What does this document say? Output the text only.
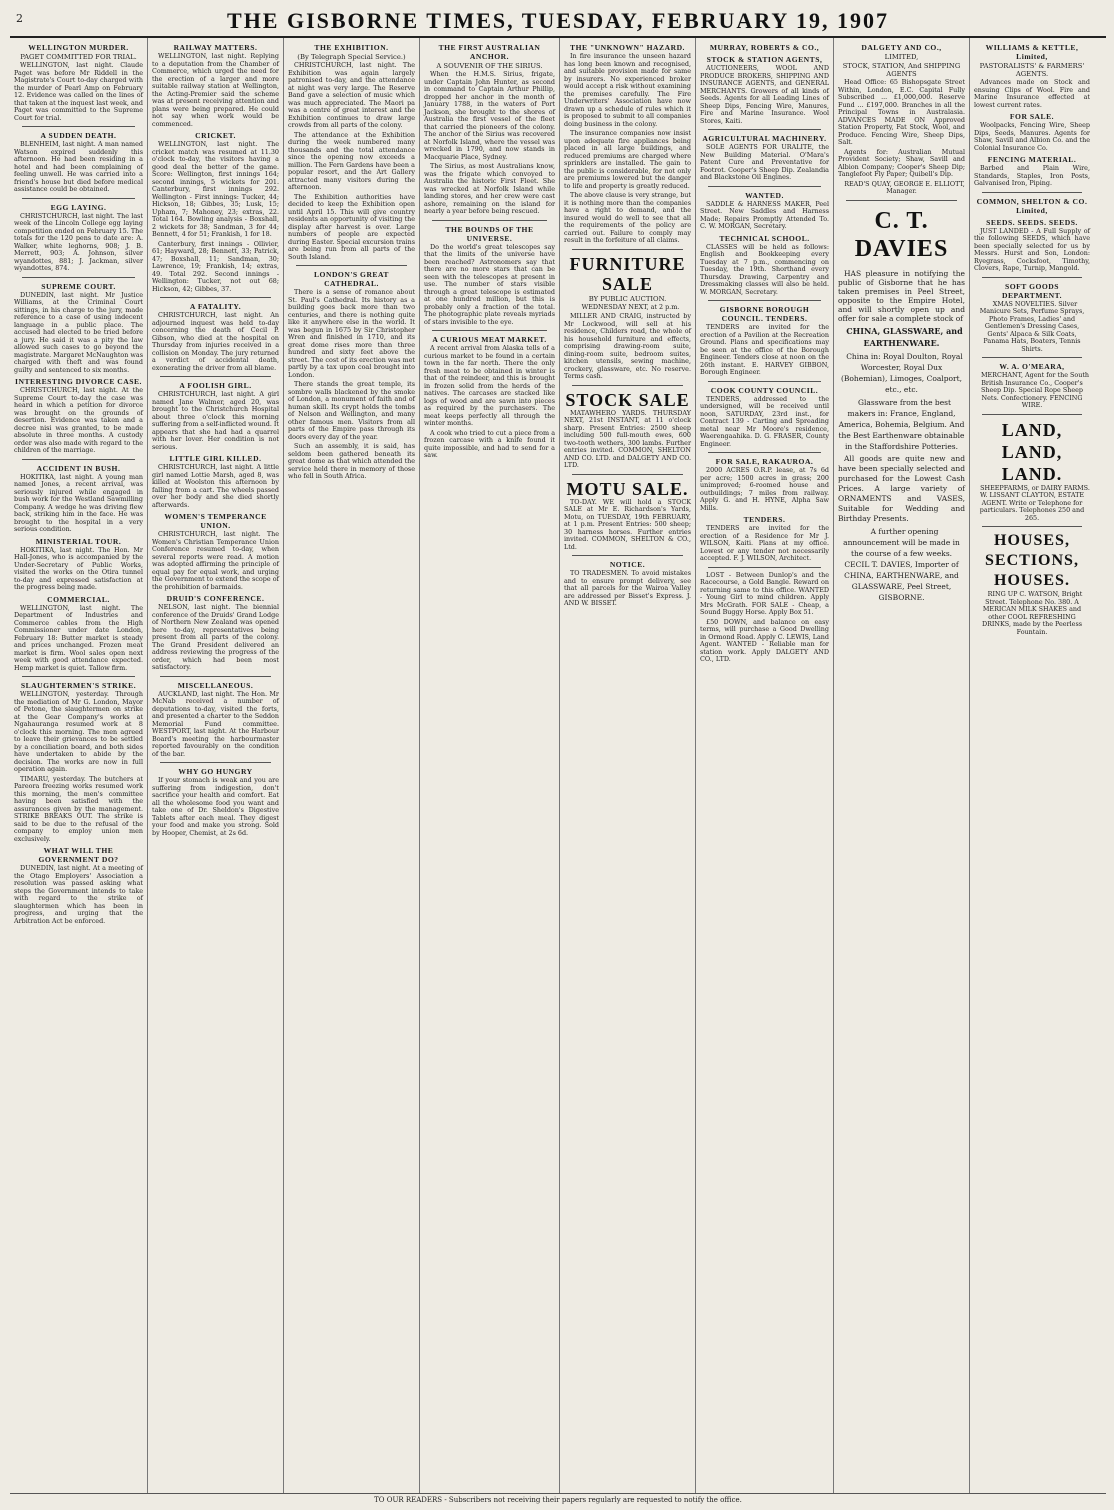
2	THE GISBORNE TIMES, TUESDAY, FEBRUARY 19, 1907
WELLINGTON MURDER.
PAGET COMMITTED FOR TRIAL.

WELLINGTON, last night. Claude Paget was before Mr Riddell in the Magistrate's Court to-day charged with the murder of Pearl Amp on February 12. Evidence was called on the lines of that taken at the inquest last week, and Paget was committed to the Supreme Court for trial.

A SUDDEN DEATH.

BLENHEIM, last night. A man named Watson expired suddenly this afternoon. He had been residing in a hotel and had been complaining of feeling unwell. He was carried into a friend's house but died before medical assistance could be obtained.

EGG LAYING.

CHRISTCHURCH, last night. The last week of the Lincoln College egg laying competition ended on February 15. The totals for the 120 pens to date are: A. Walker, white leghorns, 908; J. B. Merrett, 903; A. Johnson, silver wyandottes, 881; J. Jackman, silver wyandottes, 874.

SUPREME COURT.

DUNEDIN, last night. Mr Justice Williams, at the Criminal Court sittings, in his charge to the jury, made reference to a case of using indecent language in a public place. The accused had elected to be tried before a jury. He said it was a pity the law allowed such cases to go beyond the magistrate. Margaret McNaughton was charged with theft and was found guilty and sentenced to six months.

INTERESTING DIVORCE CASE.

CHRISTCHURCH, last night. At the Supreme Court to-day the case was heard in which a petition for divorce was brought on the grounds of desertion. Evidence was taken and a decree nisi was granted, to be made absolute in three months. A custody order was also made with regard to the children of the marriage.

ACCIDENT IN BUSH.

HOKITIKA, last night. A young man named Jones, a recent arrival, was seriously injured while engaged in bush work for the Westland Sawmilling Company. A wedge he was driving flew back, striking him in the face. He was brought to the hospital in a very serious condition.

MINISTERIAL TOUR.

HOKITIKA, last night. The Hon. Mr Hall-Jones, who is accompanied by the Under-Secretary of Public Works, visited the works on the Otira tunnel to-day and expressed satisfaction at the progress being made.

COMMERCIAL.

WELLINGTON, last night. The Department of Industries and Commerce cables from the High Commissioner under date London, February 18: Butter market is steady and prices unchanged. Frozen meat market is firm. Wool sales open next week with good attendance expected. Hemp market is quiet. Tallow firm.

SLAUGHTERMEN'S STRIKE.

WELLINGTON, yesterday. Through the mediation of Mr G. London, Mayor of Petone, the slaughtermen on strike at the Gear Company's works at Ngahauranga resumed work at 8 o'clock this morning. The men agreed to leave their grievances to be settled by a conciliation board, and both sides have undertaken to abide by the decision. The works are now in full operation again.

TIMARU, yesterday. The butchers at Pareora freezing works resumed work this morning, the men's committee having been satisfied with the assurances given by the management. STRIKE BREAKS OUT. The strike is said to be due to the refusal of the company to employ union men exclusively.

WHAT WILL THE GOVERNMENT DO?

DUNEDIN, last night. At a meeting of the Otago Employers' Association a resolution was passed asking what steps the Government intends to take with regard to the strike of slaughtermen which has been in progress, and urging that the Arbitration Act be enforced.

RAILWAY MATTERS.

WELLINGTON, last night. Replying to a deputation from the Chamber of Commerce, which urged the need for the erection of a larger and more suitable railway station at Wellington, the Acting-Premier said the scheme was at present receiving attention and plans were being prepared. He could not say when work would be commenced.

CRICKET.

WELLINGTON, last night. The cricket match was resumed at 11.30 o'clock to-day, the visitors having a good deal the better of the game. Score: Wellington, first innings 164; second innings, 5 wickets for 201. Canterbury, first innings 292. Wellington - First innings: Tucker, 44; Hickson, 18; Gibbes, 35; Lusk, 15; Upham, 7; Mahoney, 23; extras, 22. Total 164. Bowling analysis - Boxshall, 2 wickets for 38; Sandman, 3 for 44; Bennett, 4 for 51; Frankish, 1 for 18.

Canterbury, first innings - Ollivier, 61; Hayward, 28; Bennett, 33; Patrick, 47; Boxshall, 11; Sandman, 30; Lawrence, 19; Frankish, 14; extras, 49. Total 292. Second innings - Wellington: Tucker, not out 68; Hickson, 42; Gibbes, 37.

A FATALITY.

CHRISTCHURCH, last night. An adjourned inquest was held to-day concerning the death of Cecil P. Gibson, who died at the hospital on Thursday from injuries received in a collision on Monday. The jury returned a verdict of accidental death, exonerating the driver from all blame.

A FOOLISH GIRL.

CHRISTCHURCH, last night. A girl named Jane Walmer, aged 20, was brought to the Christchurch Hospital about three o'clock this morning suffering from a self-inflicted wound. It appears that she had had a quarrel with her lover. Her condition is not serious.

LITTLE GIRL KILLED.

CHRISTCHURCH, last night. A little girl named Lottie Marsh, aged 8, was killed at Woolston this afternoon by falling from a cart. The wheels passed over her body and she died shortly afterwards.

WOMEN'S TEMPERANCE UNION.

CHRISTCHURCH, last night. The Women's Christian Temperance Union Conference resumed to-day, when several reports were read. A motion was adopted affirming the principle of equal pay for equal work, and urging the Government to extend the scope of the prohibition of barmaids.

DRUID'S CONFERENCE.

NELSON, last night. The biennial conference of the Druids' Grand Lodge of Northern New Zealand was opened here to-day, representatives being present from all parts of the colony. The Grand President delivered an address reviewing the progress of the order, which had been most satisfactory.

MISCELLANEOUS.

AUCKLAND, last night. The Hon. Mr McNab received a number of deputations to-day, visited the forts, and presented a charter to the Seddon Memorial Fund committee. WESTPORT, last night. At the Harbour Board's meeting the harbourmaster reported favourably on the condition of the bar.

WHY GO HUNGRY

If your stomach is weak and you are suffering from indigestion, don't sacrifice your health and comfort. Eat all the wholesome food you want and take one of Dr. Sheldon's Digestive Tablets after each meal. They digest your food and make you strong. Sold by Hooper, Chemist, at 2s 6d.

THE EXHIBITION.
(By Telegraph Special Service.)

CHRISTCHURCH, last night. The Exhibition was again largely patronised to-day, and the attendance at night was very large. The Reserve Band gave a selection of music which was much appreciated. The Maori pa was a centre of great interest and the Exhibition continues to draw large crowds from all parts of the colony.

The attendance at the Exhibition during the week numbered many thousands and the total attendance since the opening now exceeds a million. The Fern Gardens have been a popular resort, and the Art Gallery attracted many visitors during the afternoon.

The Exhibition authorities have decided to keep the Exhibition open until April 15. This will give country residents an opportunity of visiting the display after harvest is over. Large numbers of people are expected during Easter. Special excursion trains are being run from all parts of the South Island.

LONDON'S GREAT CATHEDRAL.

There is a sense of romance about St. Paul's Cathedral. Its history as a building goes back more than two centuries, and there is nothing quite like it anywhere else in the world. It was begun in 1675 by Sir Christopher Wren and finished in 1710, and its great dome rises more than three hundred and sixty feet above the street. The cost of its erection was met partly by a tax upon coal brought into London.

There stands the great temple, its sombre walls blackened by the smoke of London, a monument of faith and of human skill. Its crypt holds the tombs of Nelson and Wellington, and many other famous men. Visitors from all parts of the Empire pass through its doors every day of the year.

Such an assembly, it is said, has seldom been gathered beneath its great dome as that which attended the service held there in memory of those who fell in South Africa.

THE FIRST AUSTRALIAN ANCHOR.
A SOUVENIR OF THE SIRIUS.

When the H.M.S. Sirius, frigate, under Captain John Hunter, as second in command to Captain Arthur Phillip, dropped her anchor in the month of January 1788, in the waters of Port Jackson, she brought to the shores of Australia the first vessel of the fleet that carried the pioneers of the colony. The anchor of the Sirius was recovered at Norfolk Island, where the vessel was wrecked in 1790, and now stands in Macquarie Place, Sydney.

The Sirius, as most Australians know, was the frigate which convoyed to Australia the historic First Fleet. She was wrecked at Norfolk Island while landing stores, and her crew were cast ashore, remaining on the island for nearly a year before being rescued.

THE BOUNDS OF THE UNIVERSE.

Do the world's great telescopes say that the limits of the universe have been reached? Astronomers say that there are no more stars that can be seen with the telescopes at present in use. The number of stars visible through a great telescope is estimated at one hundred million, but this is probably only a fraction of the total. The photographic plate reveals myriads of stars invisible to the eye.

A CURIOUS MEAT MARKET.

A recent arrival from Alaska tells of a curious market to be found in a certain town in the far north. There the only fresh meat to be obtained in winter is that of the reindeer, and this is brought in frozen solid from the herds of the natives. The carcases are stacked like logs of wood and are sawn into pieces as required by the purchasers. The meat keeps perfectly all through the winter months.

A cook who tried to cut a piece from a frozen carcase with a knife found it quite impossible, and had to send for a saw.

THE "UNKNOWN" HAZARD.

In fire insurance the unseen hazard has long been known and recognised, and suitable provision made for same by insurers. No experienced broker would accept a risk without examining the premises carefully. The Fire Underwriters' Association have now drawn up a schedule of rules which it is proposed to submit to all companies doing business in the colony.

The insurance companies now insist upon adequate fire appliances being placed in all large buildings, and reduced premiums are charged where sprinklers are installed. The gain to the public is considerable, for not only are premiums lowered but the danger to life and property is greatly reduced.

The above clause is very strange, but it is nothing more than the companies have a right to demand, and the insured would do well to see that all the requirements of the policy are carried out. Failure to comply may result in the forfeiture of all claims.

FURNITURE SALE
BY PUBLIC AUCTION.

WEDNESDAY NEXT, at 2 p.m.

MILLER AND CRAIG, instructed by Mr Lockwood, will sell at his residence, Childers road, the whole of his household furniture and effects, comprising drawing-room suite, dining-room suite, bedroom suites, kitchen utensils, sewing machine, crockery, glassware, etc. No reserve. Terms cash.

STOCK SALE

MATAWHERO YARDS. THURSDAY NEXT, 21st INSTANT, at 11 o'clock sharp. Present Entries: 2500 sheep including 500 full-mouth ewes, 600 two-tooth wethers, 300 lambs. Further entries invited. COMMON, SHELTON AND CO. LTD. and DALGETY AND CO. LTD.

MOTU SALE.

TO-DAY. WE will hold a STOCK SALE at Mr E. Richardson's Yards, Motu, on TUESDAY, 19th FEBRUARY, at 1 p.m. Present Entries: 500 sheep; 30 harness horses. Further entries invited. COMMON, SHELTON & CO., Ltd.

NOTICE.

TO TRADESMEN. To avoid mistakes and to ensure prompt delivery, see that all parcels for the Wairoa Valley are addressed per Bisset's Express. J. AND W. BISSET.

MURRAY, ROBERTS & CO.,
STOCK & STATION AGENTS,

AUCTIONEERS, WOOL AND PRODUCE BROKERS, SHIPPING AND INSURANCE AGENTS, and GENERAL MERCHANTS. Growers of all kinds of Seeds. Agents for all Leading Lines of Sheep Dips, Fencing Wire, Manures, Fire and Marine Insurance. Wool Stores, Kaiti.

AGRICULTURAL MACHINERY.

SOLE AGENTS FOR URALITE, the New Building Material. O'Mara's Patent Cure and Preventative for Footrot. Cooper's Sheep Dip. Zealandia and Blackstone Oil Engines.

WANTED.

SADDLE & HARNESS MAKER, Peel Street. New Saddles and Harness Made; Repairs Promptly Attended To. C. W. MORGAN, Secretary.

TECHNICAL SCHOOL.

CLASSES will be held as follows: English and Bookkeeping every Tuesday at 7 p.m., commencing on Tuesday, the 19th. Shorthand every Thursday. Drawing, Carpentry and Dressmaking classes will also be held. W. MORGAN, Secretary.

GISBORNE BOROUGH COUNCIL. TENDERS.

TENDERS are invited for the erection of a Pavilion at the Recreation Ground. Plans and specifications may be seen at the office of the Borough Engineer. Tenders close at noon on the 26th instant. E. HARVEY GIBBON, Borough Engineer.

COOK COUNTY COUNCIL.

TENDERS, addressed to the undersigned, will be received until noon, SATURDAY, 23rd inst., for Contract 139 - Carting and Spreading metal near Mr Moore's residence, Waerengaahika. D. G. FRASER, County Engineer.

FOR SALE, RAKAUROA.

2000 ACRES O.R.P. lease, at 7s 6d per acre; 1500 acres in grass; 200 unimproved; 6-roomed house and outbuildings; 7 miles from railway. Apply G. and H. HYNE, Alpha Saw Mills.

TENDERS.

TENDERS are invited for the erection of a Residence for Mr J. WILSON, Kaiti. Plans at my office. Lowest or any tender not necessarily accepted. F. J. WILSON, Architect.

LOST - Between Dunlop's and the Racecourse, a Gold Bangle. Reward on returning same to this office. WANTED - Young Girl to mind children. Apply Mrs McGrath. FOR SALE - Cheap, a Sound Buggy Horse. Apply Box 51.

£50 DOWN, and balance on easy terms, will purchase a Good Dwelling in Ormond Road. Apply C. LEWIS, Land Agent. WANTED - Reliable man for station work. Apply DALGETY AND CO., LTD.

DALGETY AND CO.,
LIMITED,
STOCK, STATION, And SHIPPING AGENTS

Head Office: 65 Bishopsgate Street Within, London, E.C. Capital Fully Subscribed ... £1,000,000. Reserve Fund ... £197,000. Branches in all the Principal Towns in Australasia. ADVANCES MADE ON Approved Station Property, Fat Stock, Wool, and Produce. Fencing Wire, Sheep Dips, Salt.

Agents for: Australian Mutual Provident Society; Shaw, Savill and Albion Company; Cooper's Sheep Dip; Tanglefoot Fly Paper; Quibell's Dip.

READ'S QUAY, GEORGE E. ELLIOTT, Manager.

C. T. DAVIES

HAS pleasure in notifying the public of Gisborne that he has taken premises in Peel Street, opposite to the Empire Hotel, and will shortly open up and offer for sale a complete stock of

CHINA, GLASSWARE, and EARTHENWARE.

China in: Royal Doulton, Royal Worcester, Royal Dux (Bohemian), Limoges, Coalport, etc., etc.

Glassware from the best makers in: France, England, America, Bohemia, Belgium. And the Best Earthenware obtainable in the Staffordshire Potteries.

All goods are quite new and have been specially selected and purchased for the Lowest Cash Prices. A large variety of ORNAMENTS and VASES, Suitable for Wedding and Birthday Presents.

A further opening announcement will be made in the course of a few weeks. CECIL T. DAVIES, Importer of CHINA, EARTHENWARE, and GLASSWARE, Peel Street, GISBORNE.

WILLIAMS & KETTLE, Limited,
PASTORALISTS' & FARMERS' AGENTS.

Advances made on Stock and ensuing Clips of Wool. Fire and Marine Insurance effected at lowest current rates.

FOR SALE.

Woolpacks, Fencing Wire, Sheep Dips, Seeds, Manures. Agents for Shaw, Savill and Albion Co. and the Colonial Insurance Co.

FENCING MATERIAL.

Barbed and Plain Wire, Standards, Staples, Iron Posts, Galvanised Iron, Piping.

COMMON, SHELTON & CO. Limited,
SEEDS. SEEDS. SEEDS.

JUST LANDED - A Full Supply of the following SEEDS, which have been specially selected for us by Messrs. Hurst and Son, London: Ryegrass, Cocksfoot, Timothy, Clovers, Rape, Turnip, Mangold.

SOFT GOODS DEPARTMENT.

XMAS NOVELTIES. Silver Manicure Sets, Perfume Sprays, Photo Frames, Ladies' and Gentlemen's Dressing Cases, Gents' Alpaca & Silk Coats, Panama Hats, Boaters, Tennis Shirts.

W. A. O'MEARA,

MERCHANT, Agent for the South British Insurance Co., Cooper's Sheep Dip. Special Rope Sheep Nets. Confectionery. FENCING WIRE.

LAND, LAND, LAND.

SHEEPFARMS, or DAIRY FARMS. W. LISSANT CLAYTON, ESTATE AGENT. Write or Telephone for particulars. Telephones 250 and 265.

HOUSES, SECTIONS, HOUSES.

RING UP C. WATSON, Bright Street. Telephone No. 380. A MERICAN MILK SHAKES and other COOL REFRESHING DRINKS, made by the Peerless Fountain.

TO OUR READERS - Subscribers not receiving their papers regularly are requested to notify the office.
